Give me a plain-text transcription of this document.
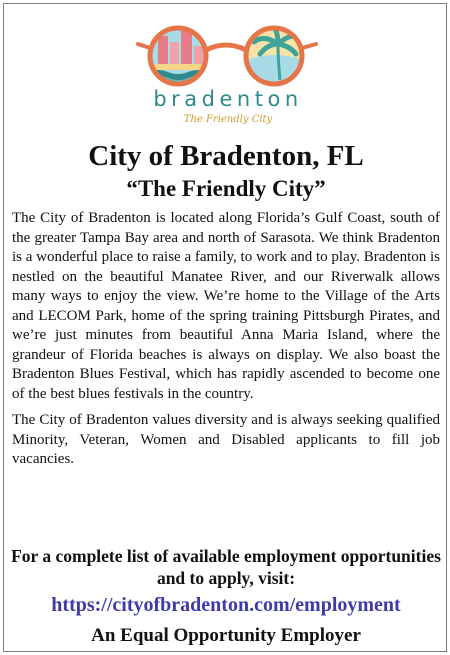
bradenton
The Friendly City
City of Bradenton, FL
“The Friendly City”

The City of Bradenton is located along Florida’s Gulf Coast, south of the greater Tampa Bay area and north of Sarasota. We think Bradenton is a wonderful place to raise a family, to work and to play. Bradenton is nestled on the beautiful Manatee River, and our Riverwalk allows many ways to enjoy the view. We’re home to the Village of the Arts and LECOM Park, home of the spring training Pittsburgh Pirates, and we’re just minutes from beautiful Anna Maria Island, where the grandeur of Florida beaches is always on display. We also boast the Bradenton Blues Festival, which has rapidly ascended to become one of the best blues festivals in the country.

The City of Bradenton values diversity and is always seeking qualified Minority, Veteran, Women and Disabled applicants to fill job vacancies.

For a complete list of available employment opportunities and to apply, visit:
https://cityofbradenton.com/employment
An Equal Opportunity Employer
